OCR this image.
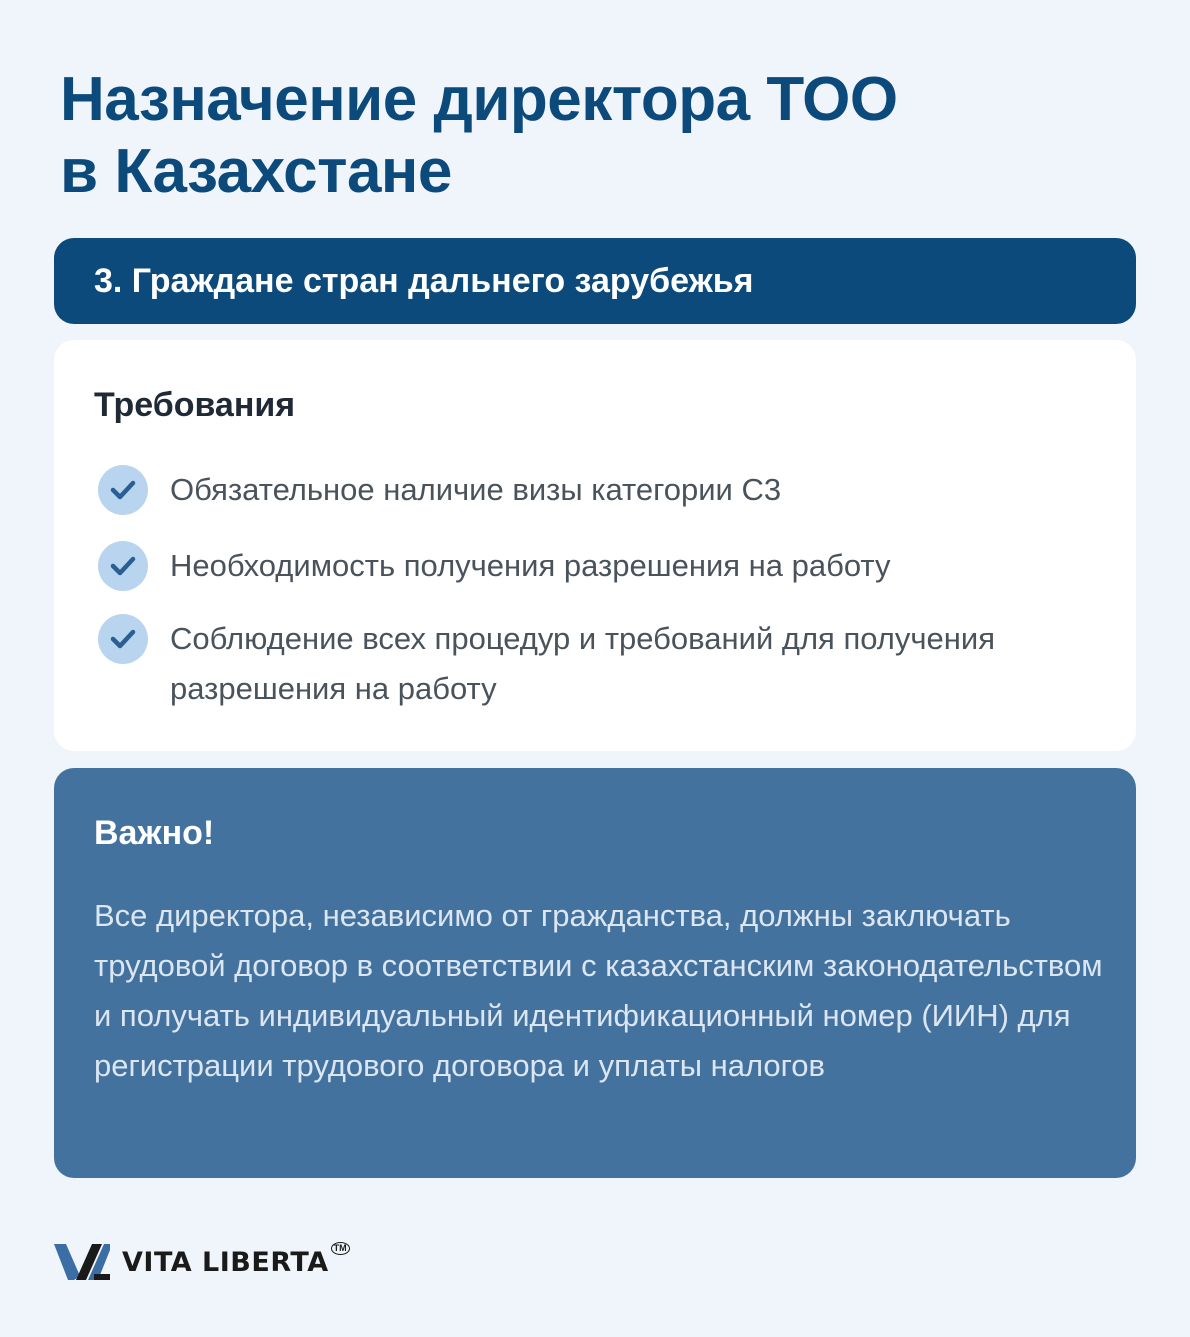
Назначение директора ТОО
в Казахстане
3. Граждане стран дальнего зарубежья
Требования
Обязательное наличие визы категории С3
Необходимость получения разрешения на работу
Соблюдение всех процедур и требований для получения разрешения на работу
Важно!

Все директора, независимо от гражданства, должны заключать трудовой договор в соответствии с казахстанским законодательством и получать индивидуальный идентификационный номер (ИИН) для регистрации трудового договора и уплаты налогов

VITA LIBERTA TM
